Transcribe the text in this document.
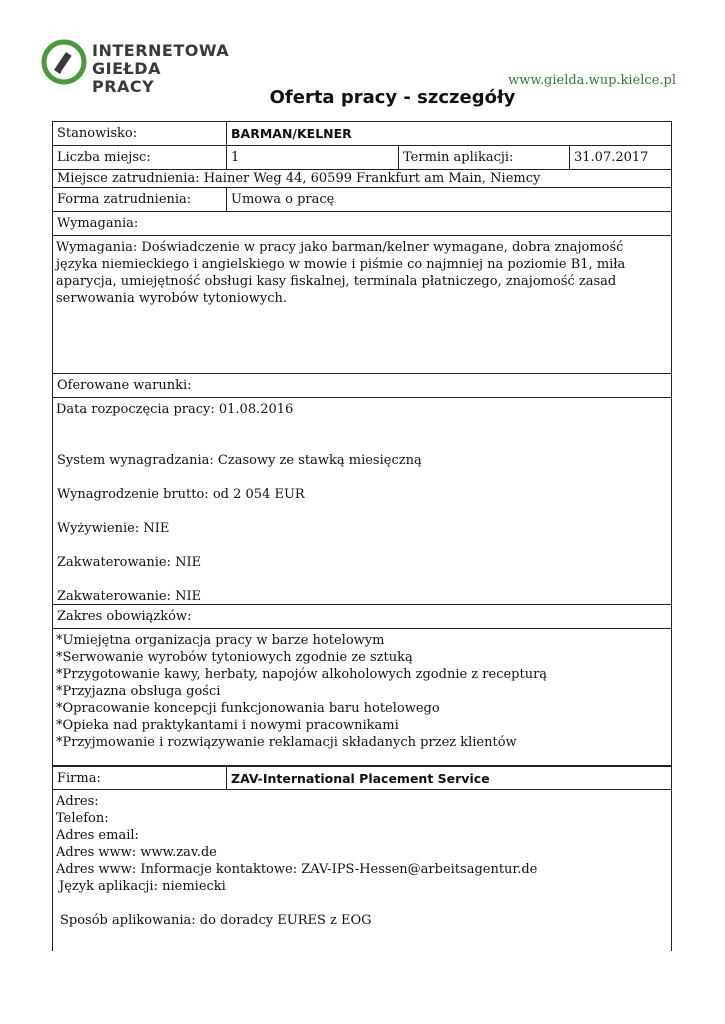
INTERNETOWA
GIEŁDA PRACY	www.gielda.wup.kielce.pl
Oferta pracy - szczegóły
Stanowisko:	BARMAN/KELNER
Liczba miejsc:	1	Termin aplikacji:	31.07.2017
Miejsce zatrudnienia: Hainer Weg 44, 60599 Frankfurt am Main, Niemcy
Forma zatrudnienia:	Umowa o pracę
Wymagania:
Wymagania: Doświadczenie w pracy jako barman/kelner wymagane, dobra znajomość języka niemieckiego i angielskiego w mowie i piśmie co najmniej na poziomie B1, miła aparycja, umiejętność obsługi kasy fiskalnej, terminala płatniczego, znajomość zasad serwowania wyrobów tytoniowych.
Oferowane warunki:
Data rozpoczęcia pracy: 01.08.2016
System wynagradzania: Czasowy ze stawką miesięczną
Wynagrodzenie brutto: od 2 054 EUR
Wyżywienie: NIE
Zakwaterowanie: NIE
Zakwaterowanie: NIE
Zakres obowiązków:
*Umiejętna organizacja pracy w barze hotelowym
*Serwowanie wyrobów tytoniowych zgodnie ze sztuką
*Przygotowanie kawy, herbaty, napojów alkoholowych zgodnie z recepturą
*Przyjazna obsługa gości
*Opracowanie koncepcji funkcjonowania baru hotelowego
*Opieka nad praktykantami i nowymi pracownikami
*Przyjmowanie i rozwiązywanie reklamacji składanych przez klientów
Firma:	ZAV-International Placement Service
Adres:
Telefon:
Adres email:
Adres www: www.zav.de
Adres www: Informacje kontaktowe: ZAV-IPS-Hessen@arbeitsagentur.de
Język aplikacji: niemiecki
Sposób aplikowania: do doradcy EURES z EOG
